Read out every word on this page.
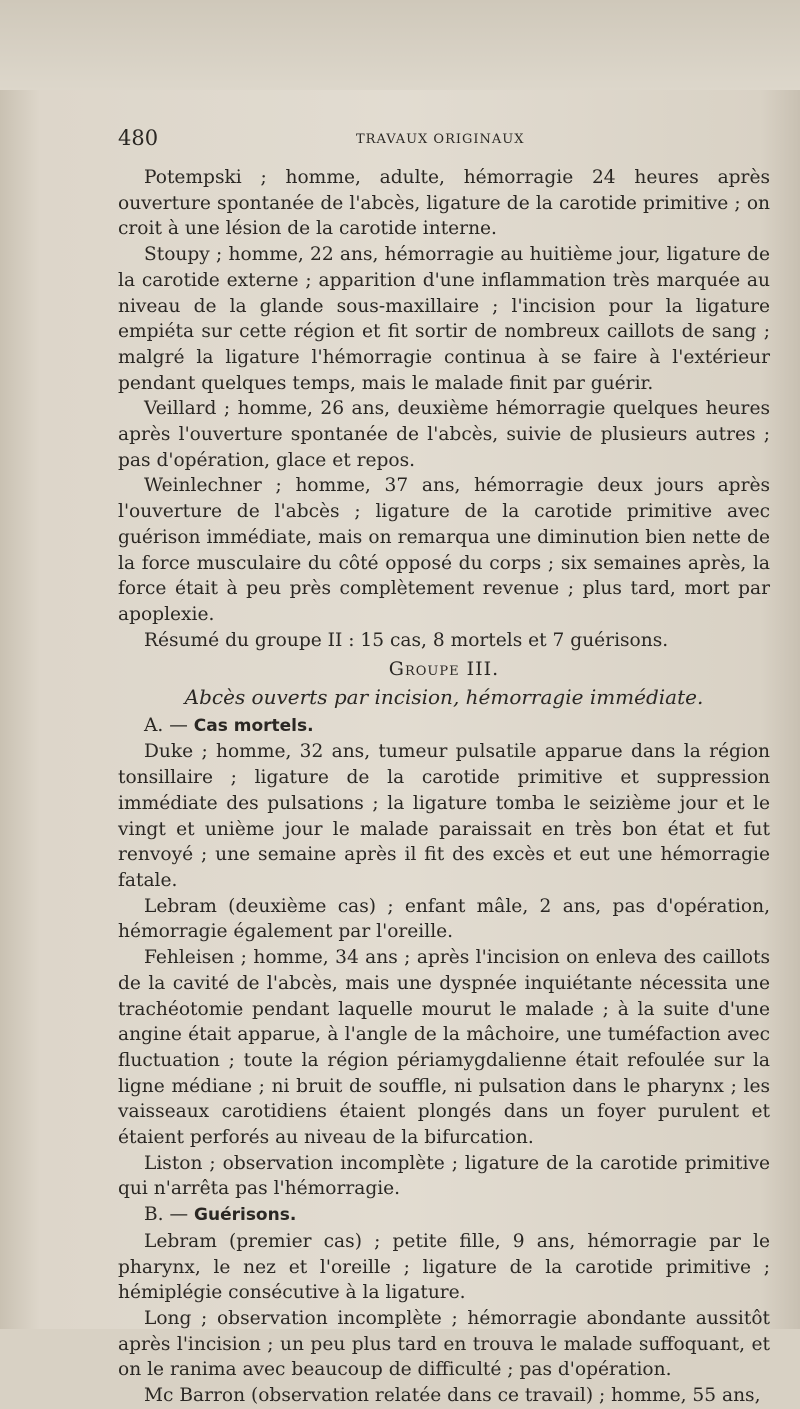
480	TRAVAUX ORIGINAUX

Potempski ; homme, adulte, hémorragie 24 heures après ouverture spontanée de l'abcès, ligature de la carotide primitive ; on croit à une lésion de la carotide interne.

Stoupy ; homme, 22 ans, hémorragie au huitième jour, ligature de la carotide externe ; apparition d'une inflammation très marquée au niveau de la glande sous-maxillaire ; l'incision pour la ligature empiéta sur cette région et fit sortir de nombreux caillots de sang ; malgré la ligature l'hémorragie continua à se faire à l'extérieur pendant quelques temps, mais le malade finit par guérir.

Veillard ; homme, 26 ans, deuxième hémorragie quelques heures après l'ouverture spontanée de l'abcès, suivie de plusieurs autres ; pas d'opération, glace et repos.

Weinlechner ; homme, 37 ans, hémorragie deux jours après l'ouverture de l'abcès ; ligature de la carotide primitive avec guérison immédiate, mais on remarqua une diminution bien nette de la force musculaire du côté opposé du corps ; six semaines après, la force était à peu près complètement revenue ; plus tard, mort par apoplexie.

Résumé du groupe II : 15 cas, 8 mortels et 7 guérisons.

Groupe III.

Abcès ouverts par incision, hémorragie immédiate.

A. — Cas mortels.

Duke ; homme, 32 ans, tumeur pulsatile apparue dans la région tonsillaire ; ligature de la carotide primitive et suppression immédiate des pulsations ; la ligature tomba le seizième jour et le vingt et unième jour le malade paraissait en très bon état et fut renvoyé ; une semaine après il fit des excès et eut une hémorragie fatale.

Lebram (deuxième cas) ; enfant mâle, 2 ans, pas d'opération, hémorragie également par l'oreille.

Fehleisen ; homme, 34 ans ; après l'incision on enleva des caillots de la cavité de l'abcès, mais une dyspnée inquiétante nécessita une trachéotomie pendant laquelle mourut le malade ; à la suite d'une angine était apparue, à l'angle de la mâchoire, une tuméfaction avec fluctuation ; toute la région périamygdalienne était refoulée sur la ligne médiane ; ni bruit de souffle, ni pulsation dans le pharynx ; les vaisseaux carotidiens étaient plongés dans un foyer purulent et étaient perforés au niveau de la bifurcation.

Liston ; observation incomplète ; ligature de la carotide primitive qui n'arrêta pas l'hémorragie.

B. — Guérisons.

Lebram (premier cas) ; petite fille, 9 ans, hémorragie par le pharynx, le nez et l'oreille ; ligature de la carotide primitive ; hémiplégie consécutive à la ligature.

Long ; observation incomplète ; hémorragie abondante aussitôt après l'incision ; un peu plus tard en trouva le malade suffoquant, et on le ranima avec beaucoup de difficulté ; pas d'opération.

Mc Barron (observation relatée dans ce travail) ; homme, 55 ans,
